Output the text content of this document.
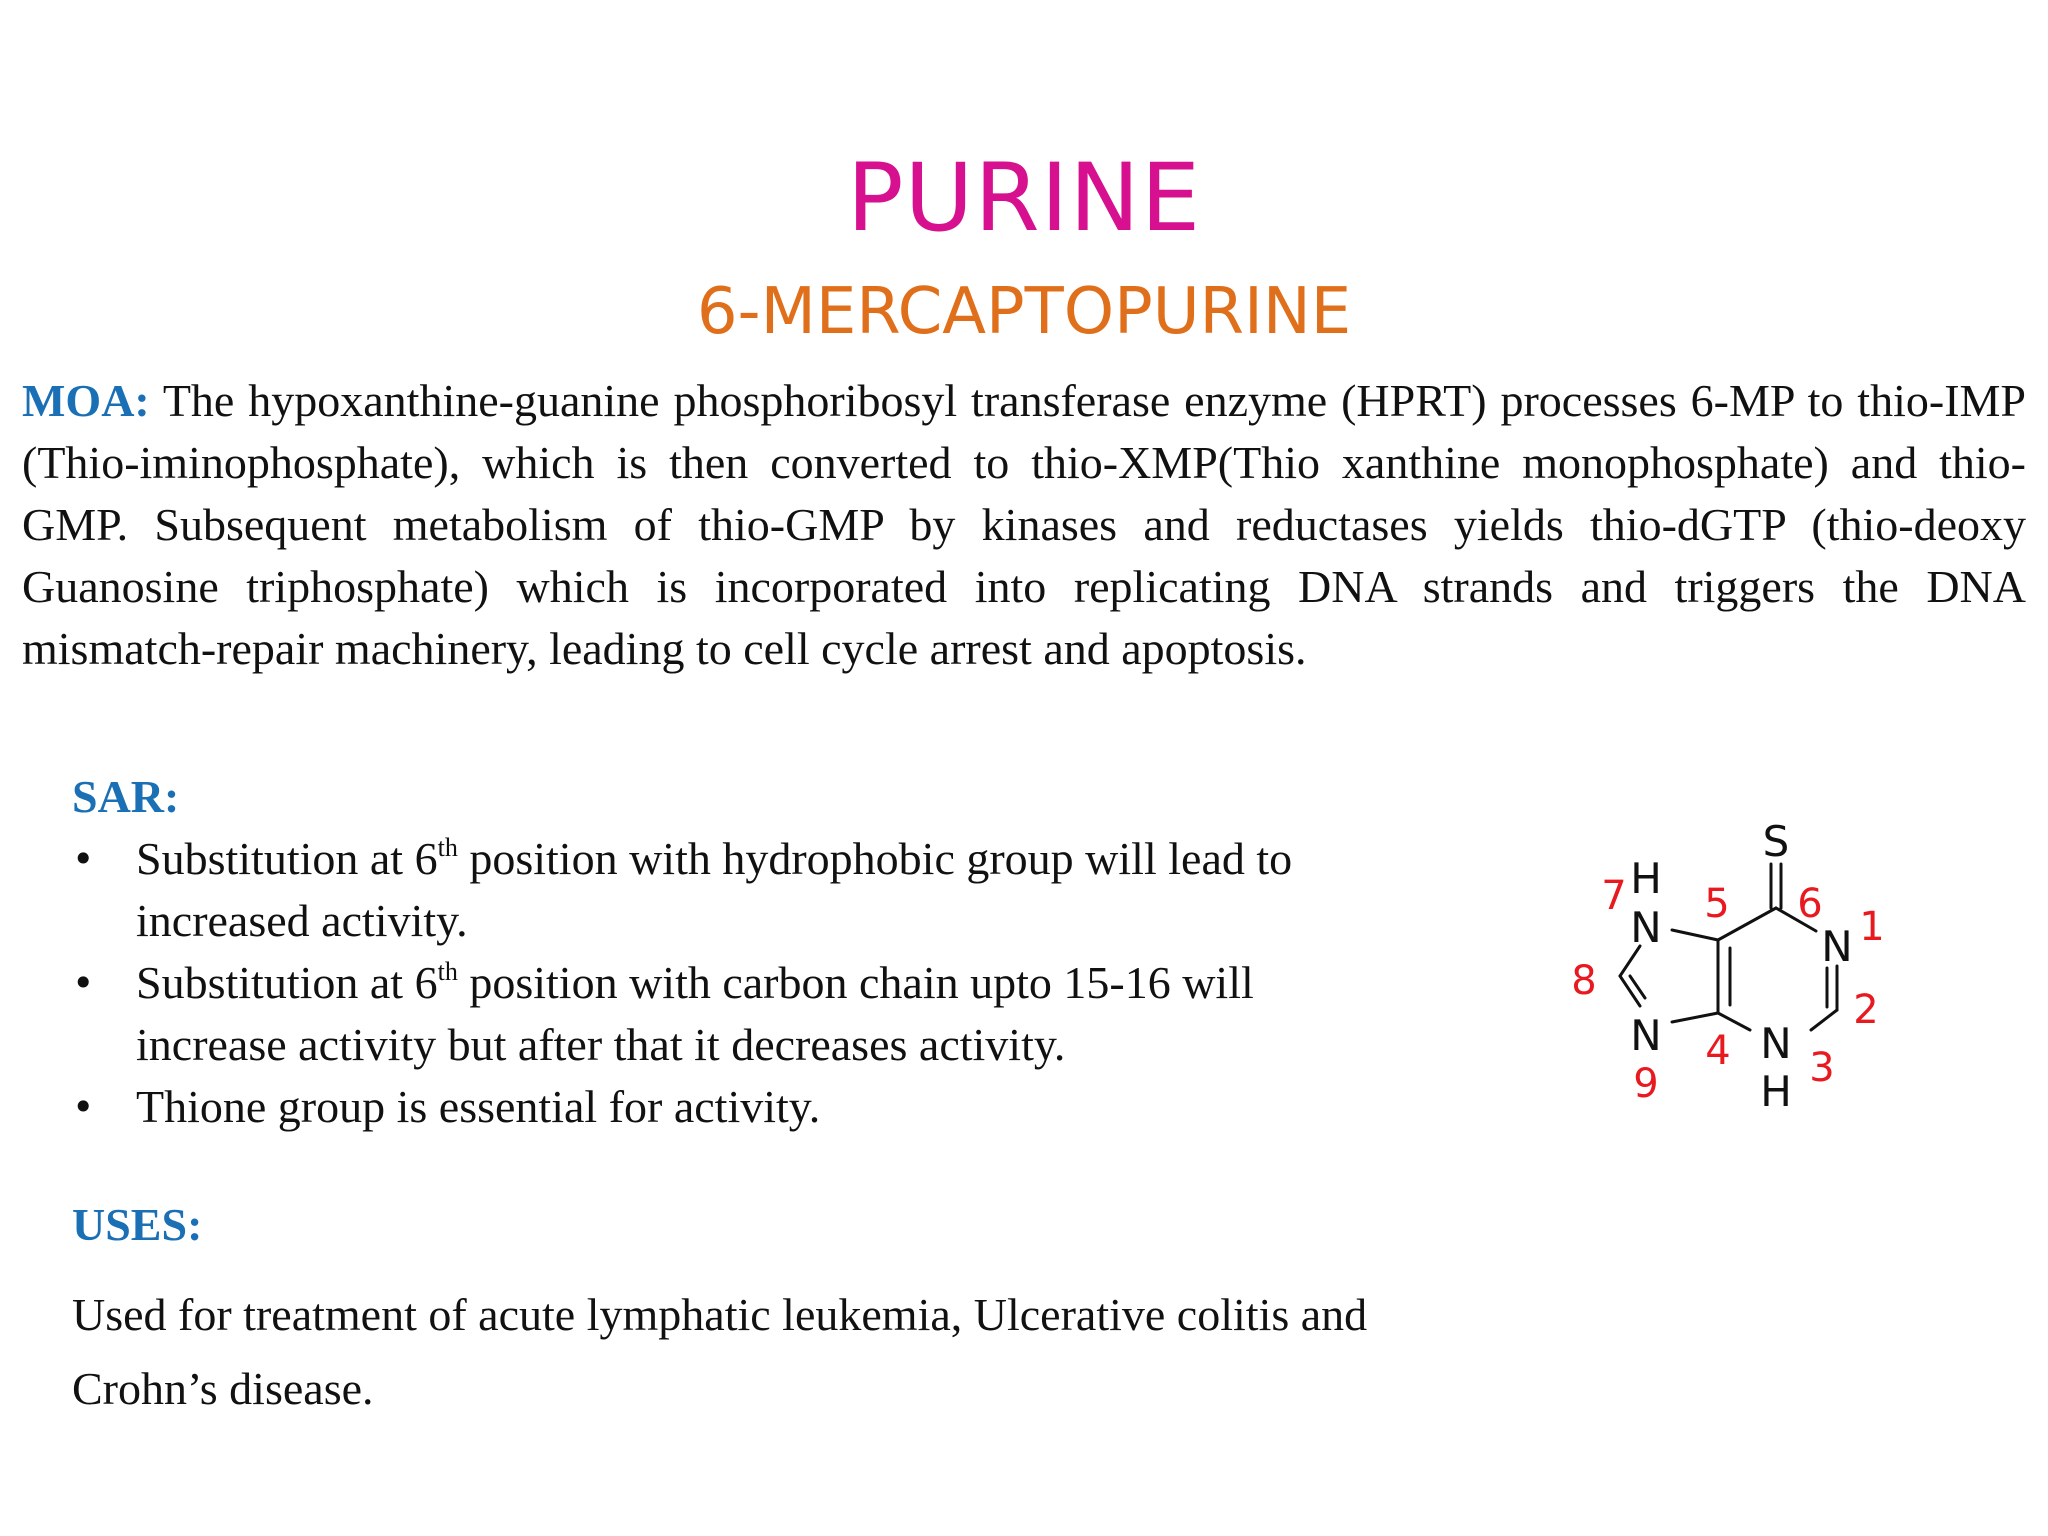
PURINE
6-MERCAPTOPURINE

MOA: The hypoxanthine-guanine phosphoribosyl transferase enzyme (HPRT) processes 6-MP to thio-IMP (Thio-iminophosphate), which is then converted to thio-XMP(Thio xanthine monophosphate) and thio-GMP. Subsequent metabolism of thio-GMP by kinases and reductases yields thio-dGTP (thio-deoxy Guanosine triphosphate) which is incorporated into replicating DNA strands and triggers the DNA mismatch-repair machinery, leading to cell cycle arrest and apoptosis.

SAR:
• Substitution at 6th position with hydrophobic group will lead to increased activity.
• Substitution at 6th position with carbon chain upto 15-16 will increase activity but after that it decreases activity.
• Thione group is essential for activity.
USES:

Used for treatment of acute lymphatic leukemia, Ulcerative colitis and Crohn’s disease.

S
H
N	N
N N
H
1
2
3
4
5 6
7
8
9
